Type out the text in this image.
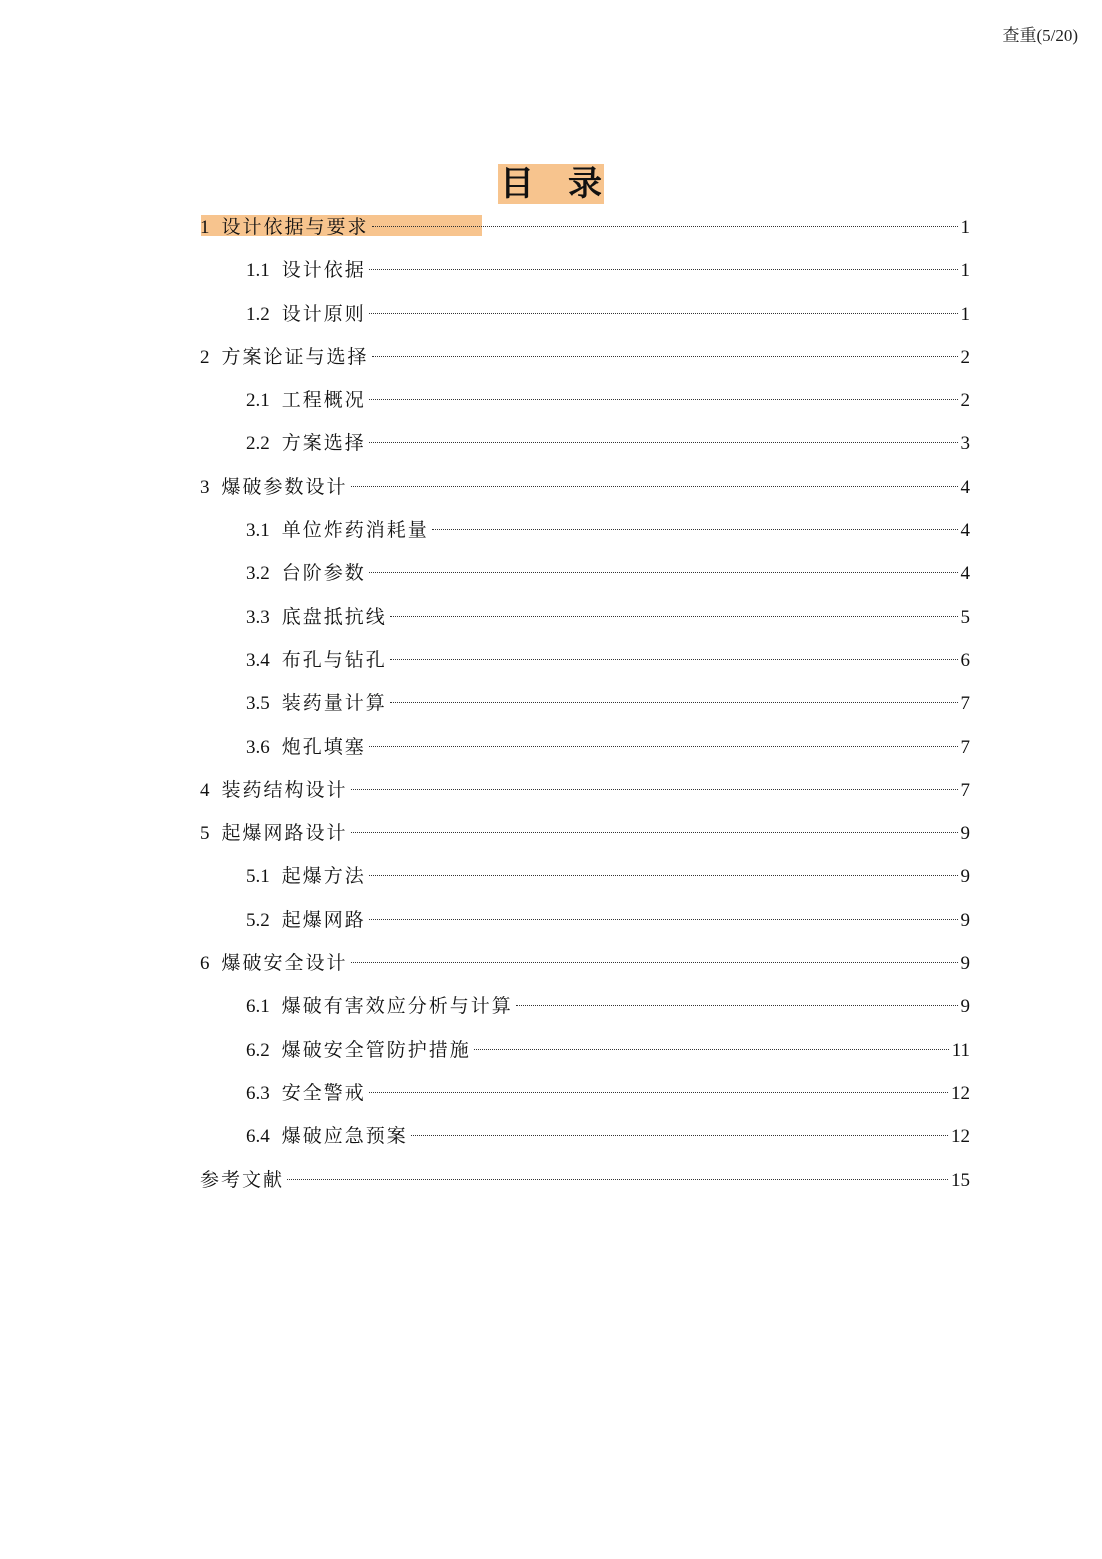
查重(5/20)
目　录
1 设计依据与要求	1
1.1 设计依据	1
1.2 设计原则	1
2 方案论证与选择	2
2.1 工程概况	2
2.2 方案选择	3
3 爆破参数设计	4
3.1 单位炸药消耗量	4
3.2 台阶参数	4
3.3 底盘抵抗线	5
3.4 布孔与钻孔	6
3.5 装药量计算	7
3.6 炮孔填塞	7
4 装药结构设计	7
5 起爆网路设计	9
5.1 起爆方法	9
5.2 起爆网路	9
6 爆破安全设计	9
6.1 爆破有害效应分析与计算	9
6.2 爆破安全管防护措施	11
6.3 安全警戒	12
6.4 爆破应急预案	12
参考文献	15
